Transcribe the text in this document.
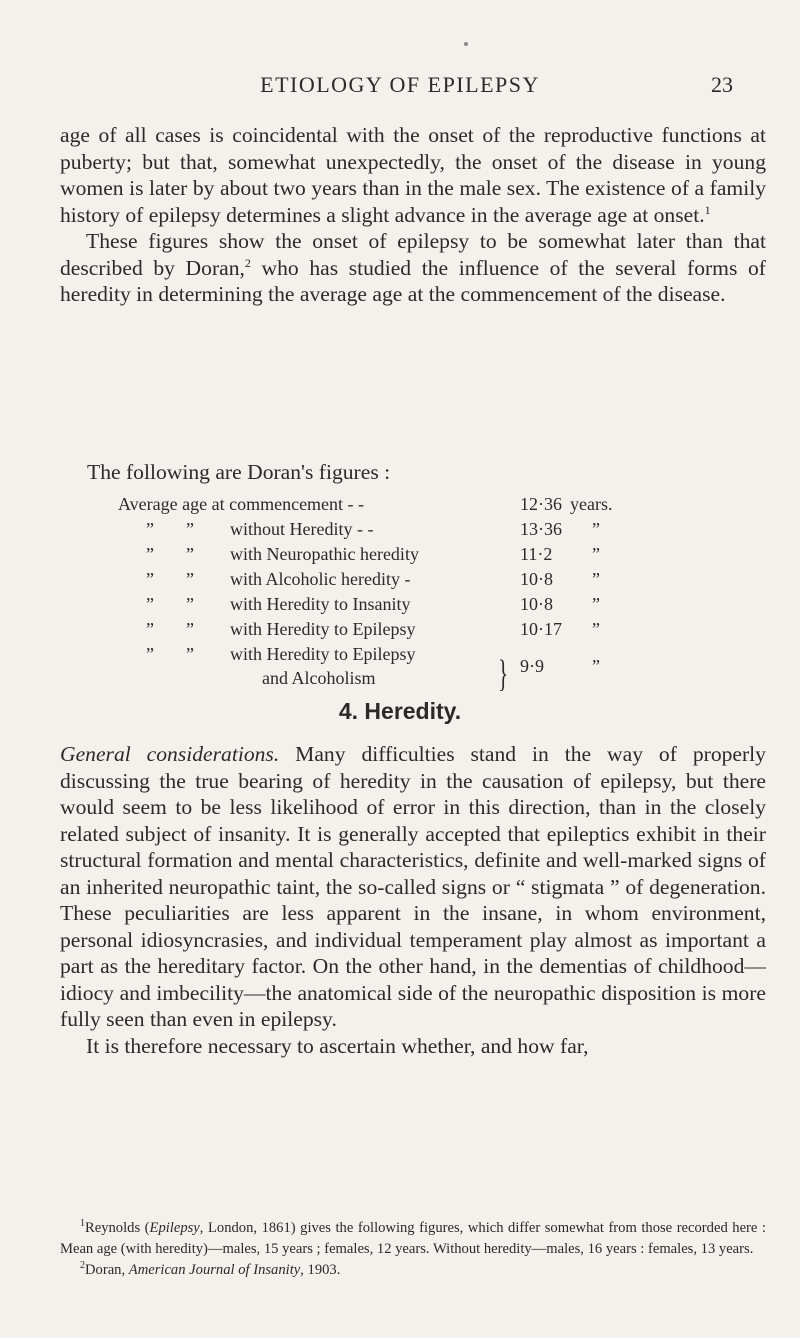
ETIOLOGY OF EPILEPSY	23

age of all cases is coincidental with the onset of the reproductive functions at puberty; but that, somewhat unexpectedly, the onset of the disease in young women is later by about two years than in the male sex. The existence of a family history of epilepsy determines a slight advance in the average age at onset.$^1$

These figures show the onset of epilepsy to be somewhat later than that described by Doran,$^2$ who has studied the influence of the several forms of heredity in determining the average age at the commencement of the disease.

The following are Doran's figures :
Average age at commencement - -	12·36 years.
” ” without Heredity - -	13·36 ”
” ” with Neuropathic heredity	11·2 ”
” ” with Alcoholic heredity -	10·8 ”
” ” with Heredity to Insanity	10·8 ”
” ” with Heredity to Epilepsy	10·17 ”
” ” with Heredity to Epilepsy
and Alcoholism	} 9·9	”
4. Heredity.

General considerations. Many difficulties stand in the way of properly discussing the true bearing of heredity in the causation of epilepsy, but there would seem to be less likelihood of error in this direction, than in the closely related subject of insanity. It is generally accepted that epileptics exhibit in their structural formation and mental characteristics, definite and well-marked signs of an inherited neuropathic taint, the so-called signs or “ stigmata ” of degeneration. These peculiarities are less apparent in the insane, in whom environment, personal idiosyncrasies, and individual temperament play almost as important a part as the hereditary factor. On the other hand, in the dementias of childhood—idiocy and imbecility—the anatomical side of the neuropathic disposition is more fully seen than even in epilepsy.

It is therefore necessary to ascertain whether, and how far,

$^1$Reynolds (Epilepsy, London, 1861) gives the following figures, which differ somewhat from those recorded here : Mean age (with heredity)—males, 15 years ; females, 12 years. Without heredity—males, 16 years : females, 13 years.

$^2$Doran, American Journal of Insanity, 1903.
